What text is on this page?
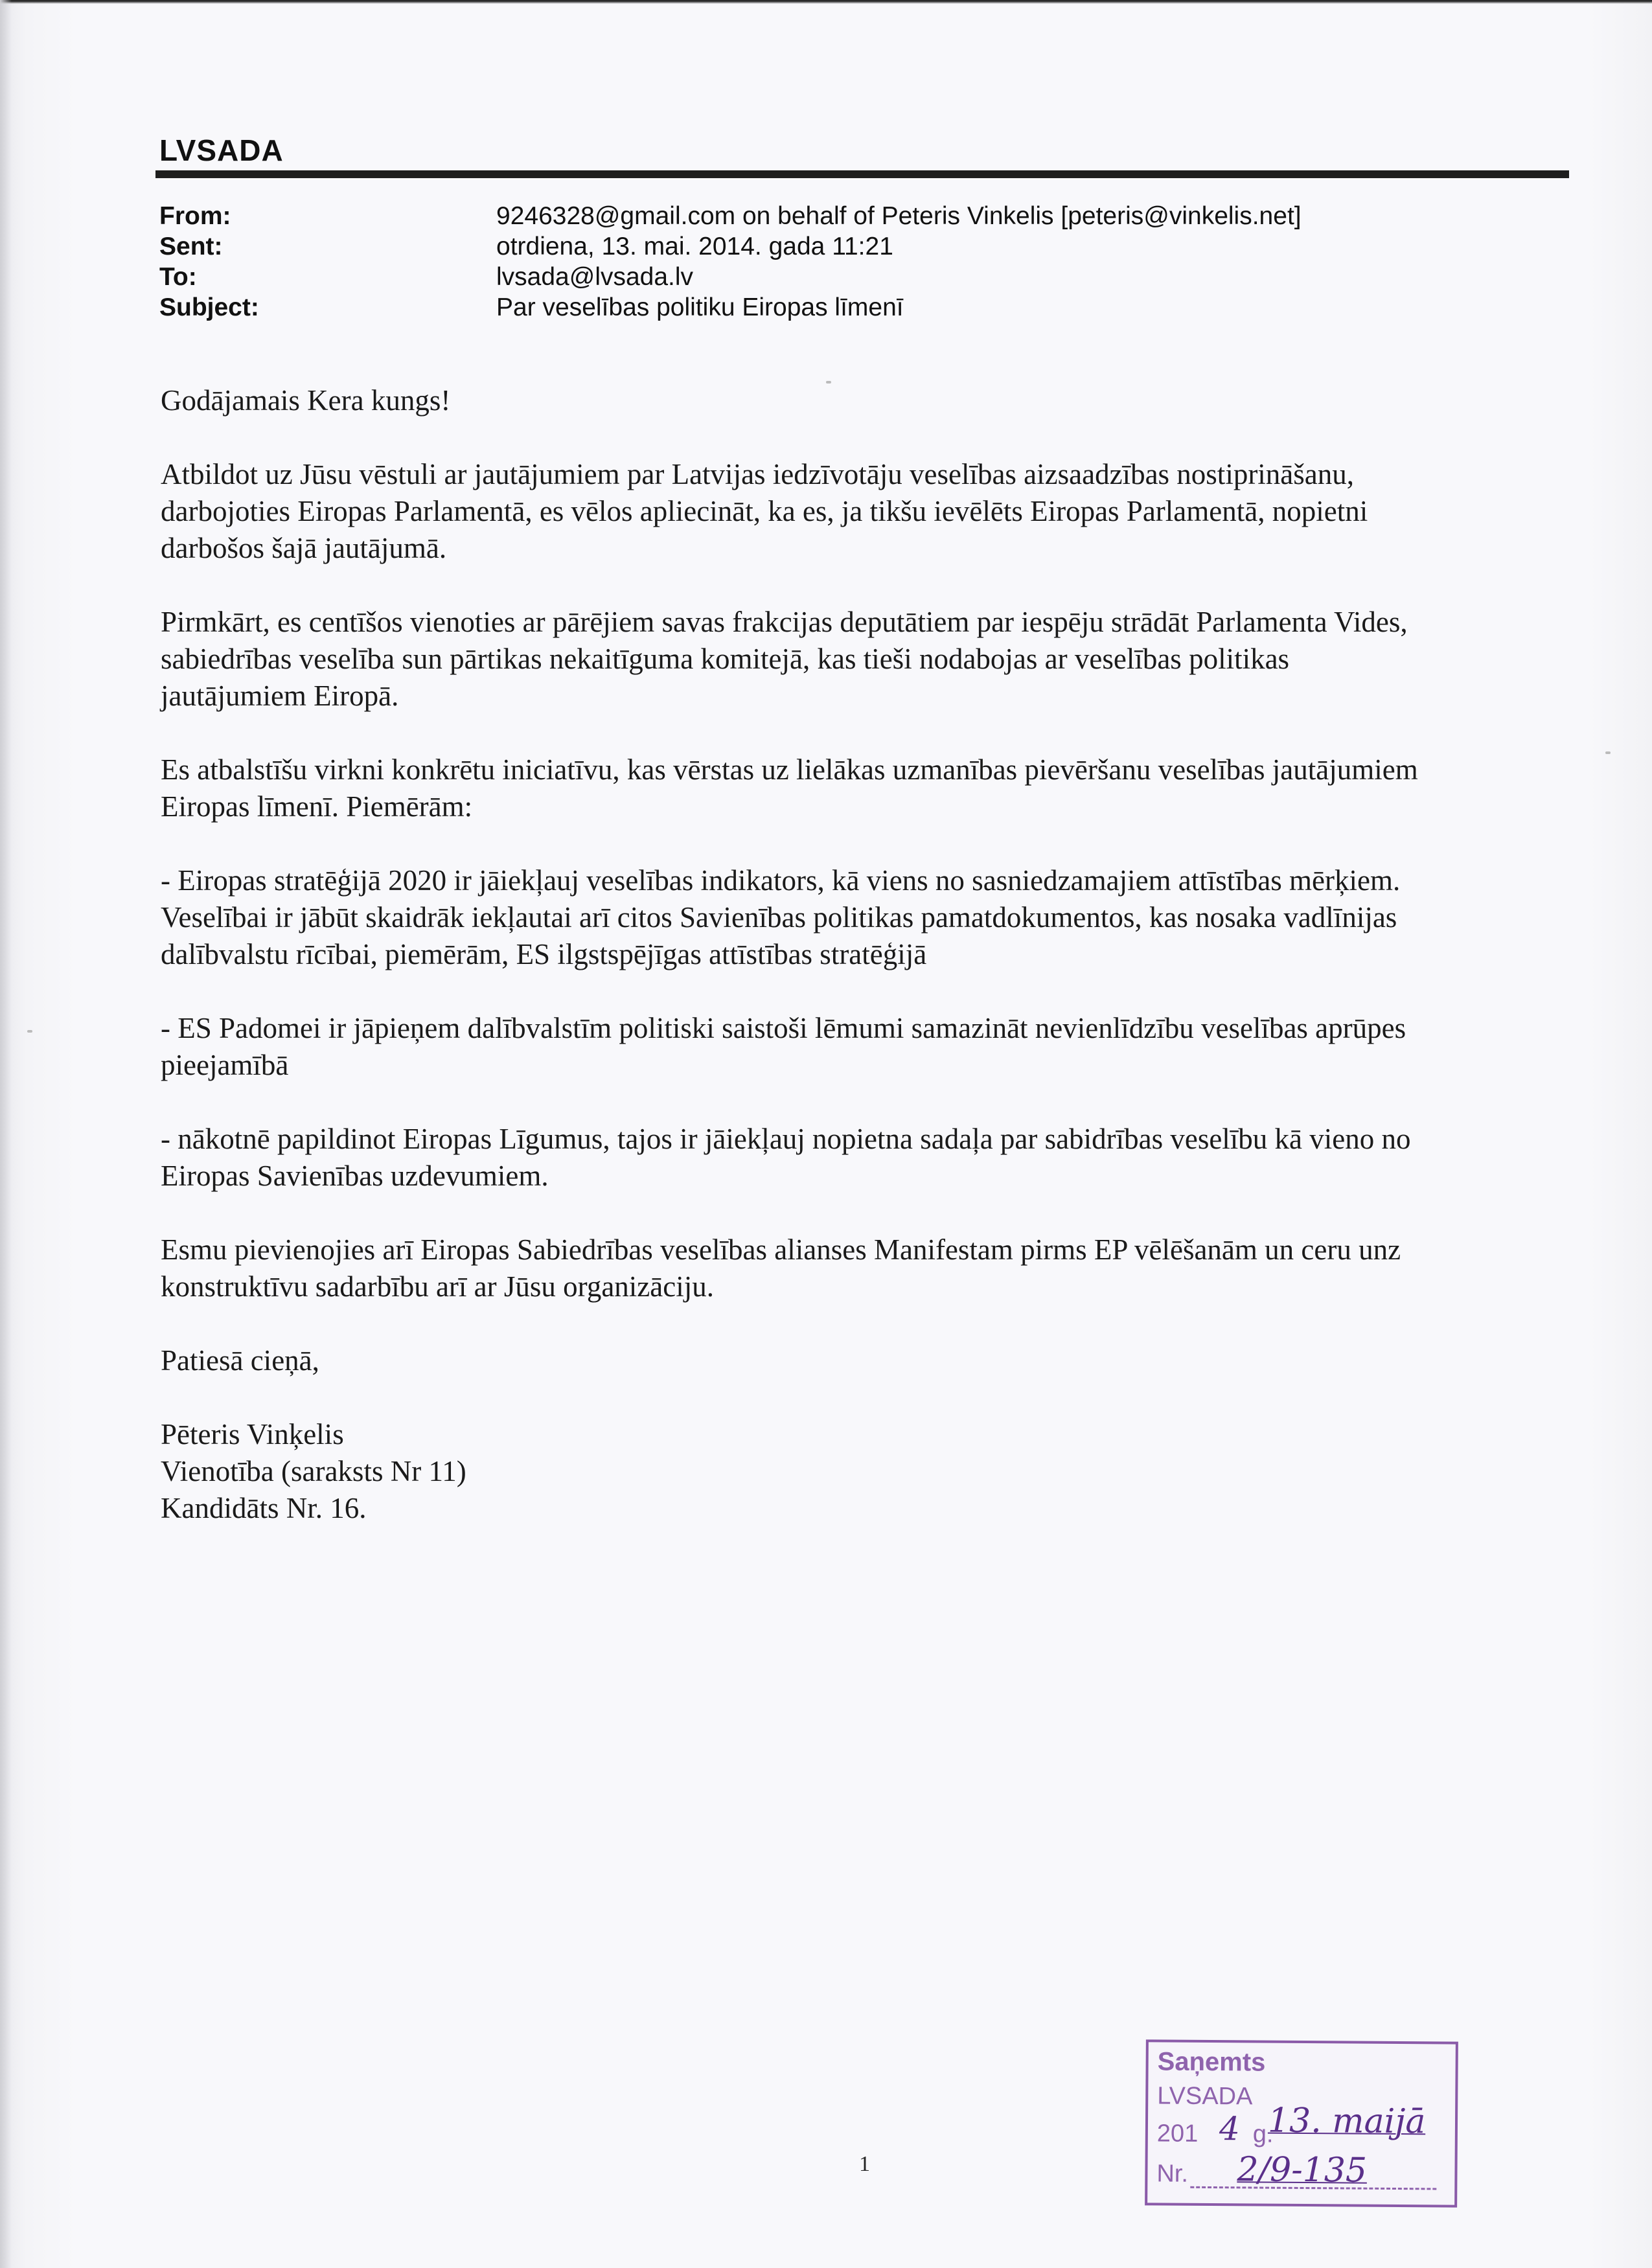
LVSADA
From:	9246328@gmail.com on behalf of Peteris Vinkelis [peteris@vinkelis.net]
Sent:	otrdiena, 13. mai. 2014. gada 11:21
To:	lvsada@lvsada.lv
Subject:	Par veselības politiku Eiropas līmenī

Godājamais Kera kungs!

Atbildot uz Jūsu vēstuli ar jautājumiem par Latvijas iedzīvotāju veselības aizsaadzības nostiprināšanu,
darbojoties Eiropas Parlamentā, es vēlos apliecināt, ka es, ja tikšu ievēlēts Eiropas Parlamentā, nopietni
darbošos šajā jautājumā.

Pirmkārt, es centīšos vienoties ar pārējiem savas frakcijas deputātiem par iespēju strādāt Parlamenta Vides,
sabiedrības veselība sun pārtikas nekaitīguma komitejā, kas tieši nodabojas ar veselības politikas
jautājumiem Eiropā.

Es atbalstīšu virkni konkrētu iniciatīvu, kas vērstas uz lielākas uzmanības pievēršanu veselības jautājumiem
Eiropas līmenī. Piemērām:

- Eiropas stratēģijā 2020 ir jāiekļauj veselības indikators, kā viens no sasniedzamajiem attīstības mērķiem.
Veselībai ir jābūt skaidrāk iekļautai arī citos Savienības politikas pamatdokumentos, kas nosaka vadlīnijas
dalībvalstu rīcībai, piemērām, ES ilgstspējīgas attīstības stratēģijā

- ES Padomei ir jāpieņem dalībvalstīm politiski saistoši lēmumi samazināt nevienlīdzību veselības aprūpes
pieejamībā

- nākotnē papildinot Eiropas Līgumus, tajos ir jāiekļauj nopietna sadaļa par sabidrības veselību kā vieno no
Eiropas Savienības uzdevumiem.

Esmu pievienojies arī Eiropas Sabiedrības veselības alianses Manifestam pirms EP vēlēšanām un ceru unz
konstruktīvu sadarbību arī ar Jūsu organizāciju.

Patiesā cieņā,

Pēteris Vinķelis
Vienotība (saraksts Nr 11)
Kandidāts Nr. 16.
1
Saņemts
LVSADA
201 4 g.
13. maijā
Nr. 2/9-135
